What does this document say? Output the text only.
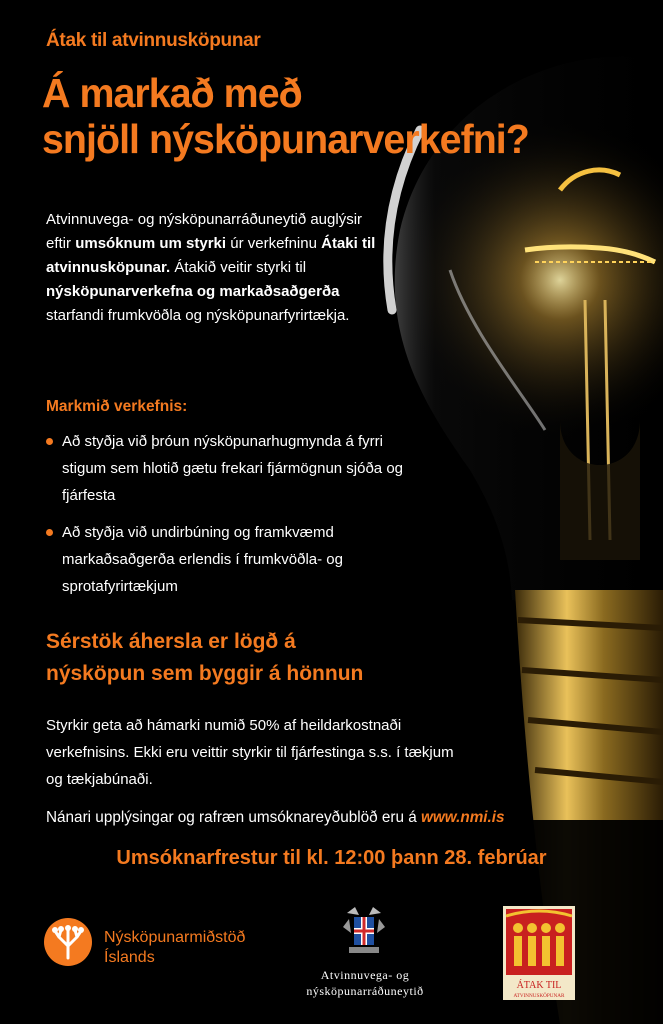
Átak til atvinnusköpunar
Á markað með
snjöll nýsköpunarverkefni?
Atvinnuvega- og nýsköpunarráðuneytið auglýsir eftir umsóknum um styrki úr verkefninu Átaki til atvinnusköpunar. Átakið veitir styrki til nýsköpunarverkefna og markaðsaðgerða starfandi frumkvöðla og nýsköpunarfyrirtækja.
Markmið verkefnis:
Að styðja við þróun nýsköpunarhugmynda á fyrri stigum sem hlotið gætu frekari fjármögnun sjóða og fjárfesta
Að styðja við undirbúning og framkvæmd markaðsaðgerða erlendis í frumkvöðla- og sprotafyrirtækjum
Sérstök áhersla er lögð á
nýsköpun sem byggir á hönnun
Styrkir geta að hámarki numið 50% af heildarkostnaði verkefnisins. Ekki eru veittir styrkir til fjárfestinga s.s. í tækjum og tækjabúnaði.
Nánari upplýsingar og rafræn umsóknareyðublöð eru á www.nmi.is
Umsóknarfrestur til kl. 12:00 þann 28. febrúar
Nýsköpunarmiðstöð
Íslands
Atvinnuvega- og
nýsköpunarráðuneytið	ÁTAK TIL
ATVINNUSKÖPUNAR
